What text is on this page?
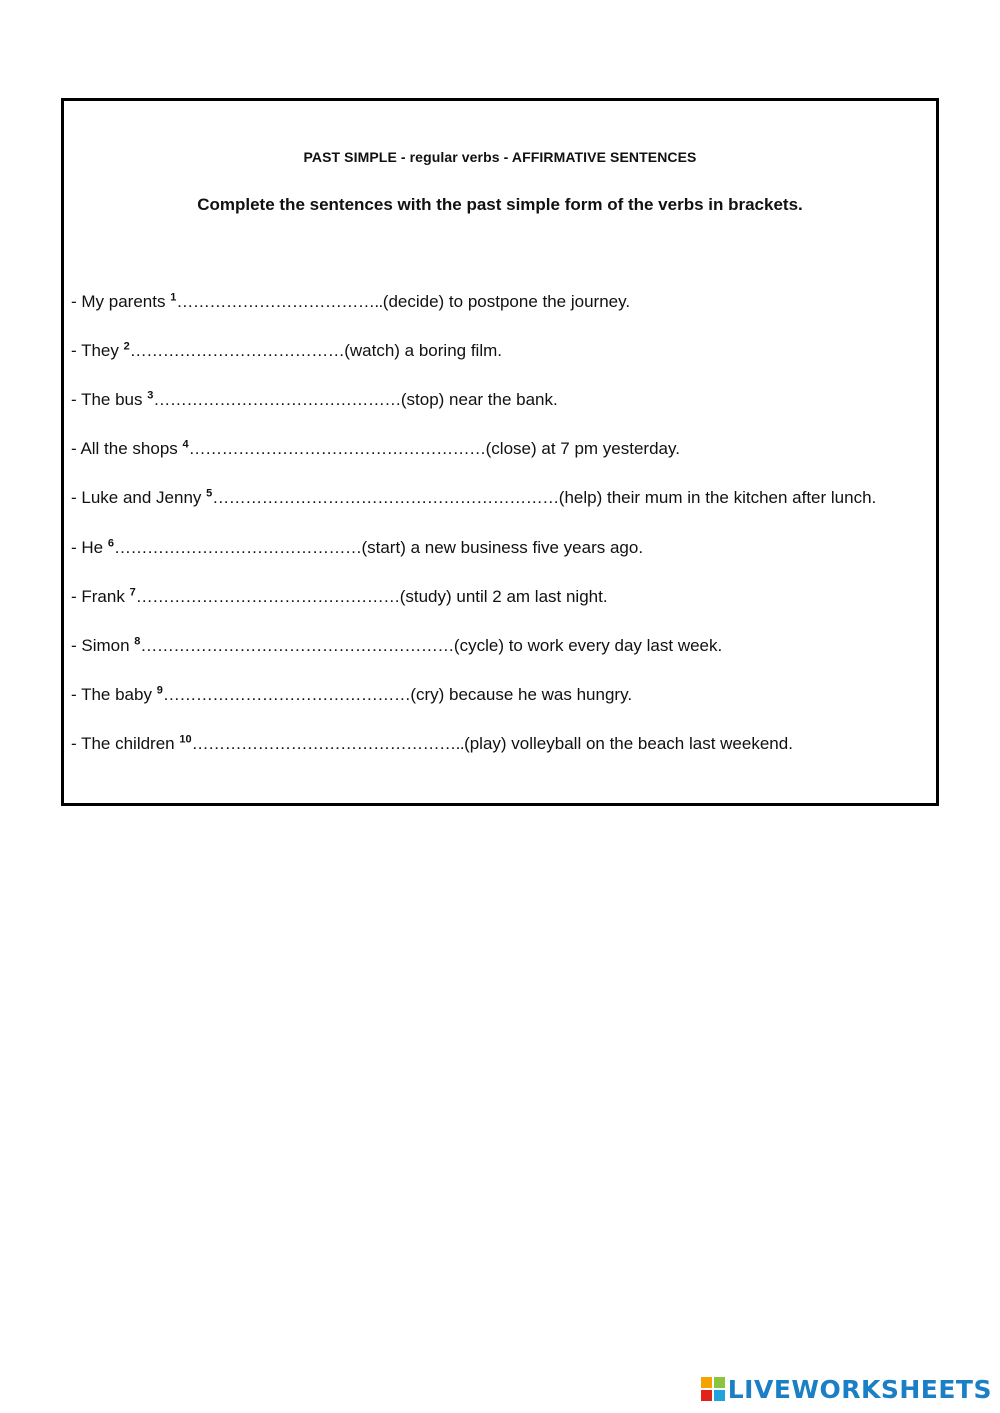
PAST SIMPLE - regular verbs - AFFIRMATIVE SENTENCES
Complete the sentences with the past simple form of the verbs in brackets.
- My parents $^1$………………………………..(decide) to postpone the journey.
- They $^2$…………………………………(watch) a boring film.
- The bus $^3$………………………………………(stop) near the bank.
- All the shops $^4$………………………………………………(close) at 7 pm yesterday.
- Luke and Jenny $^5$………………………………………………………(help) their mum in the kitchen after lunch.
- He $^6$………………………………………(start) a new business five years ago.
- Frank $^7$…………………………………………(study) until 2 am last night.
- Simon $^8$…………………………………………………(cycle) to work every day last week.
- The baby $^9$………………………………………(cry) because he was hungry.
- The children $^{10}$…………………………………………..(play) volleyball on the beach last weekend.
LIVEWORKSHEETS
